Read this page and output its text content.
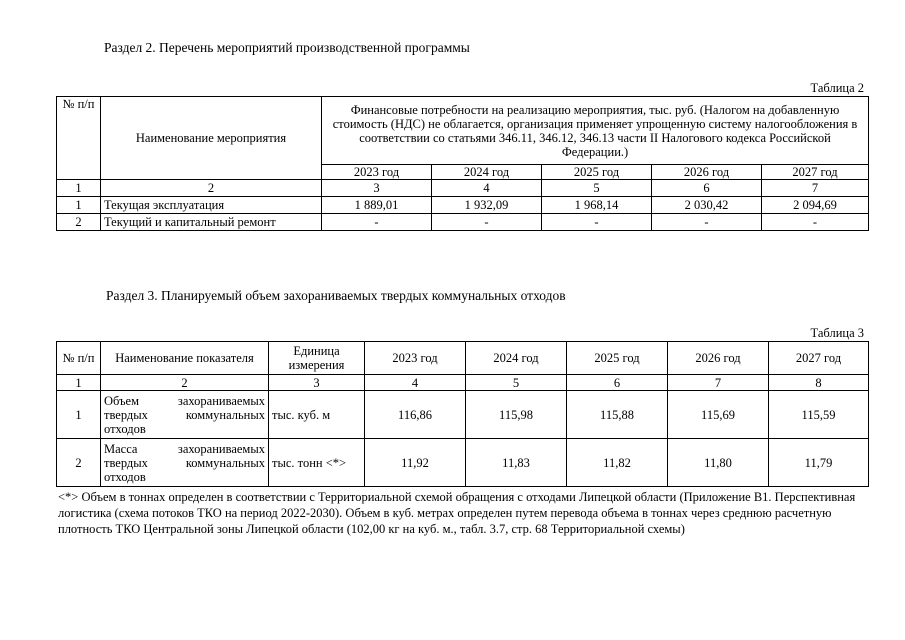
Раздел 2. Перечень мероприятий производственной программы
Таблица 2
№ п/п	Наименование мероприятия	Финансовые потребности на реализацию мероприятия, тыс. руб. (Налогом на добавленную стоимость (НДС) не облагается, организация применяет упрощенную систему налогообложения в соответствии со статьями 346.11, 346.12, 346.13 части II Налогового кодекса Российской Федерации.)				
		2023 год	2024 год	2025 год	2026 год	2027 год
1	2	3	4	5	6	7
1	Текущая эксплуатация	1 889,01	1 932,09	1 968,14	2 030,42	2 094,69
2	Текущий и капитальный ремонт	-	-	-	-	-
Раздел 3. Планируемый объем захораниваемых твердых коммунальных отходов
Таблица 3
№ п/п	Наименование показателя	Единица измерения	2023 год	2024 год	2025 год	2026 год	2027 год
1	2	3	4	5	6	7	8
1	Объем захораниваемых твердых коммунальных отходов	тыс. куб. м	116,86	115,98	115,88	115,69	115,59
2	Масса захораниваемых твердых коммунальных отходов	тыс. тонн <*>	11,92	11,83	11,82	11,80	11,79
<*> Объем в тоннах определен в соответствии с Территориальной схемой обращения с отходами Липецкой области (Приложение В1. Перспективная логистика (схема потоков ТКО на период 2022-2030). Объем в куб. метрах определен путем перевода объема в тоннах через среднюю расчетную плотность ТКО Центральной зоны Липецкой области (102,00 кг на куб. м., табл. 3.7, стр. 68 Территориальной схемы)
